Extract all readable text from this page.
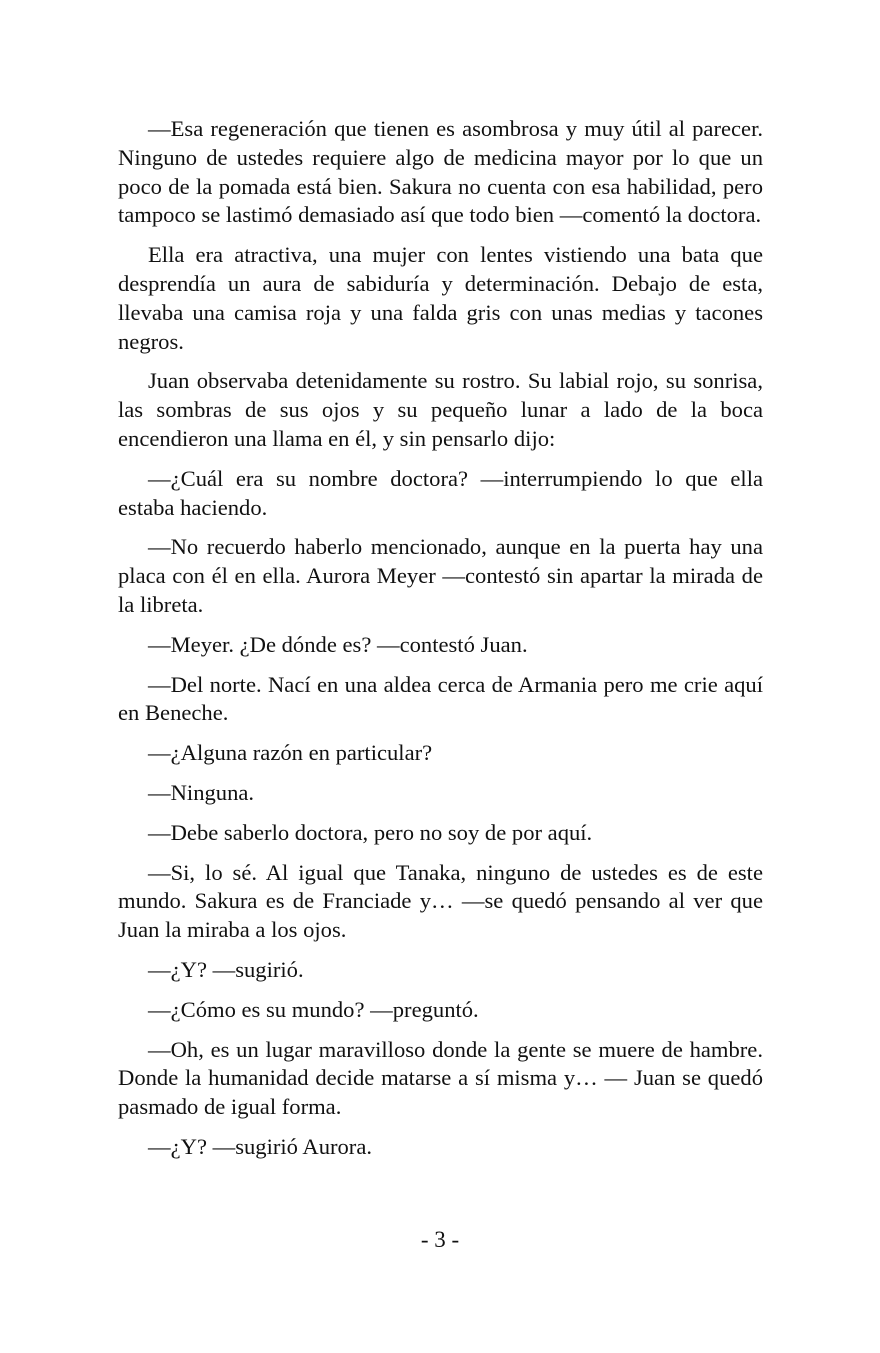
—Esa regeneración que tienen es asombrosa y muy útil al parecer. Ninguno de ustedes requiere algo de medicina mayor por lo que un poco de la pomada está bien. Sakura no cuenta con esa habilidad, pero tampoco se lastimó demasiado así que todo bien —comentó la doctora.

Ella era atractiva, una mujer con lentes vistiendo una bata que desprendía un aura de sabiduría y determinación. Debajo de esta, llevaba una camisa roja y una falda gris con unas medias y tacones negros.

Juan observaba detenidamente su rostro. Su labial rojo, su sonrisa, las sombras de sus ojos y su pequeño lunar a lado de la boca encendieron una llama en él, y sin pensarlo dijo:

—¿Cuál era su nombre doctora? —interrumpiendo lo que ella estaba haciendo.

—No recuerdo haberlo mencionado, aunque en la puerta hay una placa con él en ella. Aurora Meyer —contestó sin apartar la mirada de la libreta.

—Meyer. ¿De dónde es? —contestó Juan.

—Del norte. Nací en una aldea cerca de Armania pero me crie aquí en Beneche.

—¿Alguna razón en particular?

—Ninguna.

—Debe saberlo doctora, pero no soy de por aquí.

—Si, lo sé. Al igual que Tanaka, ninguno de ustedes es de este mundo. Sakura es de Franciade y… —se quedó pensando al ver que Juan la miraba a los ojos.

—¿Y? —sugirió.

—¿Cómo es su mundo? —preguntó.

—Oh, es un lugar maravilloso donde la gente se muere de hambre. Donde la humanidad decide matarse a sí misma y… — Juan se quedó pasmado de igual forma.

—¿Y? —sugirió Aurora.

- 3 -
